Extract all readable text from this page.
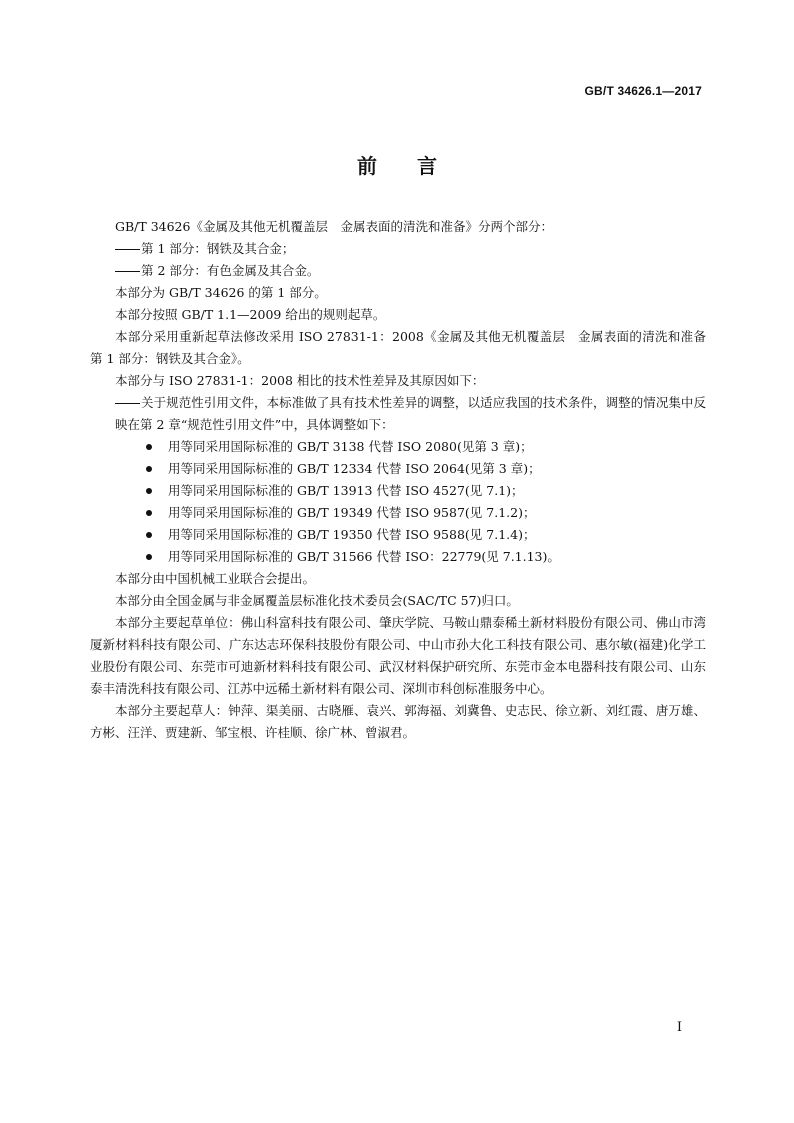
GB/T 34626.1—2017
前 言

GB/T 34626《金属及其他无机覆盖层　金属表面的清洗和准备》分两个部分：

第 1 部分：钢铁及其合金；

第 2 部分：有色金属及其合金。

本部分为 GB/T 34626 的第 1 部分。

本部分按照 GB/T 1.1—2009 给出的规则起草。

本部分采用重新起草法修改采用 ISO 27831-1：2008《金属及其他无机覆盖层　金属表面的清洗和准备　第 1 部分：钢铁及其合金》。

本部分与 ISO 27831-1：2008 相比的技术性差异及其原因如下：

关于规范性引用文件，本标准做了具有技术性差异的调整，以适应我国的技术条件，调整的情况集中反映在第 2 章“规范性引用文件”中，具体调整如下：

用等同采用国际标准的 GB/T 3138 代替 ISO 2080(见第 3 章)；
用等同采用国际标准的 GB/T 12334 代替 ISO 2064(见第 3 章)；
用等同采用国际标准的 GB/T 13913 代替 ISO 4527(见 7.1)；
用等同采用国际标准的 GB/T 19349 代替 ISO 9587(见 7.1.2)；
用等同采用国际标准的 GB/T 19350 代替 ISO 9588(见 7.1.4)；
用等同采用国际标准的 GB/T 31566 代替 ISO：22779(见 7.1.13)。

本部分由中国机械工业联合会提出。

本部分由全国金属与非金属覆盖层标准化技术委员会(SAC/TC 57)归口。

本部分主要起草单位：佛山科富科技有限公司、肇庆学院、马鞍山鼎泰稀土新材料股份有限公司、佛山市湾厦新材料科技有限公司、广东达志环保科技股份有限公司、中山市孙大化工科技有限公司、惠尔敏(福建)化学工业股份有限公司、东莞市可迪新材料科技有限公司、武汉材料保护研究所、东莞市金本电器科技有限公司、山东泰丰清洗科技有限公司、江苏中远稀土新材料有限公司、深圳市科创标准服务中心。

本部分主要起草人：钟萍、渠美丽、古晓雁、袁兴、郭海福、刘冀鲁、史志民、徐立新、刘红霞、唐万雄、方彬、汪洋、贾建新、邹宝根、许桂顺、徐广林、曾淑君。

I
